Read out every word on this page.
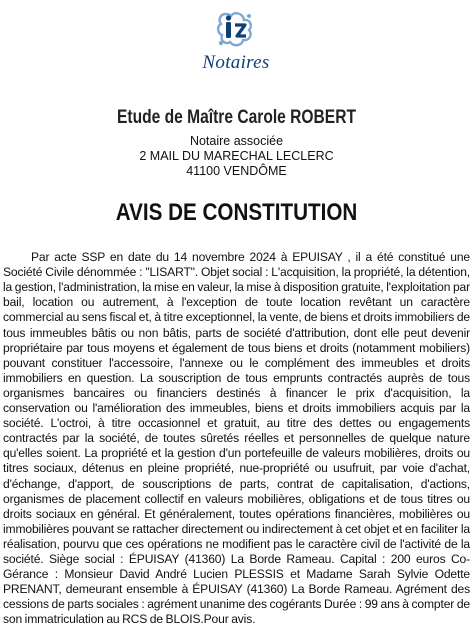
Notaires
Etude de Maître Carole ROBERT
Notaire associée
2 MAIL DU MARECHAL LECLERC
41100 VENDÔME
AVIS DE CONSTITUTION

Par acte SSP en date du 14 novembre 2024 à EPUISAY , il a été constitué une Société Civile dénommée : "LISART". Objet social : L'acquisition, la propriété, la détention, la gestion, l'administration, la mise en valeur, la mise à disposition gratuite, l'exploitation par bail, location ou autrement, à l'exception de toute location revêtant un caractère commercial au sens fiscal et, à titre exceptionnel, la vente, de biens et droits immobiliers de tous immeubles bâtis ou non bâtis, parts de société d'attribution, dont elle peut devenir propriétaire par tous moyens et également de tous biens et droits (notamment mobiliers) pouvant constituer l'accessoire, l'annexe ou le complément des immeubles et droits immobiliers en question. La souscription de tous emprunts contractés auprès de tous organismes bancaires ou financiers destinés à financer le prix d'acquisition, la conservation ou l'amélioration des immeubles, biens et droits immobiliers acquis par la société. L'octroi, à titre occasionnel et gratuit, au titre des dettes ou engagements contractés par la société, de toutes sûretés réelles et personnelles de quelque nature qu'elles soient. La propriété et la gestion d'un portefeuille de valeurs mobilières, droits ou titres sociaux, détenus en pleine propriété, nue-propriété ou usufruit, par voie d'achat, d'échange, d'apport, de souscriptions de parts, contrat de capitalisation, d'actions, organismes de placement collectif en valeurs mobilières, obligations et de tous titres ou droits sociaux en général. Et généralement, toutes opérations financières, mobilières ou immobilières pouvant se rattacher directement ou indirectement à cet objet et en faciliter la réalisation, pourvu que ces opérations ne modifient pas le caractère civil de l'activité de la société. Siège social : ÉPUISAY (41360) La Borde Rameau. Capital : 200 euros Co-Gérance : Monsieur David André Lucien PLESSIS et Madame Sarah Sylvie Odette PRENANT, demeurant ensemble à ÉPUISAY (41360) La Borde Rameau. Agrément des cessions de parts sociales : agrément unanime des cogérants Durée : 99 ans à compter de son immatriculation au RCS de BLOIS.Pour avis.
